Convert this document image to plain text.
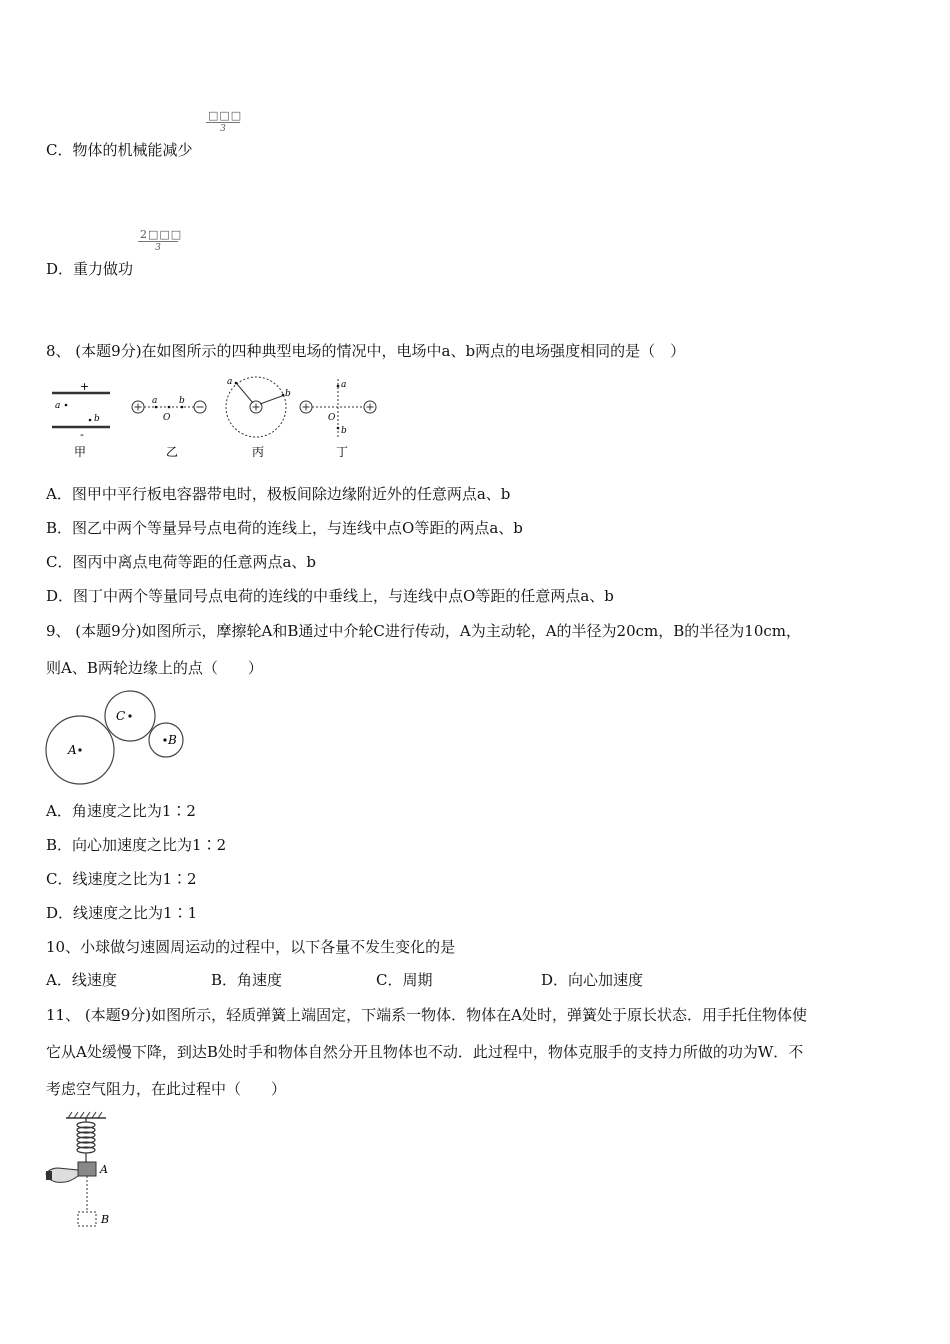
□□□
3
C．物体的机械能减少
2□□□
3
D．重力做功
8、 (本题9分)在如图所示的四种典型电场的情况中，电场中a、b两点的电场强度相同的是（　）
+
-
a
b
甲
a
O
b
乙
a
b
丙
a
b
O
丁
A．图甲中平行板电容器带电时，极板间除边缘附近外的任意两点a、b
B．图乙中两个等量异号点电荷的连线上，与连线中点O等距的两点a、b
C．图丙中离点电荷等距的任意两点a、b
D．图丁中两个等量同号点电荷的连线的中垂线上，与连线中点O等距的任意两点a、b
9、 (本题9分)如图所示，摩擦轮A和B通过中介轮C进行传动，A为主动轮，A的半径为20cm，B的半径为10cm，
则A、B两轮边缘上的点（　　）
A
C
B
A．角速度之比为1∶2
B．向心加速度之比为1∶2
C．线速度之比为1∶2
D．线速度之比为1∶1
10、小球做匀速圆周运动的过程中，以下各量不发生变化的是
A．线速度	B．角速度	C．周期	D．向心加速度
11、 (本题9分)如图所示，轻质弹簧上端固定，下端系一物体．物体在A处时，弹簧处于原长状态．用手托住物体使
它从A处缓慢下降，到达B处时手和物体自然分开且物体也不动．此过程中，物体克服手的支持力所做的功为W．不
考虑空气阻力，在此过程中（　　）
A
B
